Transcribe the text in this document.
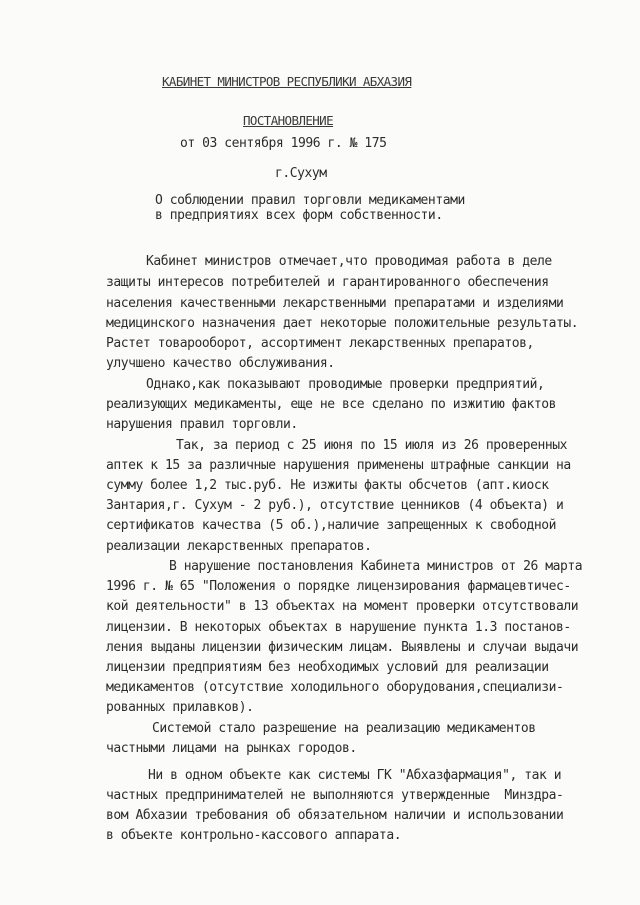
КАБИНЕТ МИНИСТРОВ РЕСПУБЛИКИ АБХАЗИЯ
ПОСТАНОВЛЕНИЕ
от 03 сентября 1996 г. № 175
г.Сухум
О соблюдении правил торговли медикаментами
в предприятиях всех форм собственности.
Кабинет министров отмечает,что проводимая работа в деле
защиты интересов потребителей и гарантированного обеспечения
населения качественными лекарственными препаратами и изделиями
медицинского назначения дает некоторые положительные результаты.
Растет товарооборот, ассортимент лекарственных препаратов,
улучшено качество обслуживания.
Однако,как показывают проводимые проверки предприятий,
реализующих медикаменты, еще не все сделано по изжитию фактов
нарушения правил торговли.
Так, за период с 25 июня по 15 июля из 26 проверенных
аптек к 15 за различные нарушения применены штрафные санкции на
сумму более 1,2 тыс.руб. Не изжиты факты обсчетов (апт.киоск
Зантария,г. Сухум - 2 руб.), отсутствие ценников (4 объекта) и
сертификатов качества (5 об.),наличие запрещенных к свободной
реализации лекарственных препаратов.
В нарушение постановления Кабинета министров от 26 марта
1996 г. № 65 "Положения о порядке лицензирования фармацевтичес-
кой деятельности" в 13 объектах на момент проверки отсутствовали
лицензии. В некоторых объектах в нарушение пункта 1.3 постанов-
ления выданы лицензии физическим лицам. Выявлены и случаи выдачи
лицензии предприятиям без необходимых условий для реализации
медикаментов (отсутствие холодильного оборудования,специализи-
рованных прилавков).
Системой стало разрешение на реализацию медикаментов
частными лицами на рынках городов.
Ни в одном объекте как системы ГК "Абхазфармация", так и
частных предпринимателей не выполняются утвержденные  Минздра-
вом Абхазии требования об обязательном наличии и использовании
в объекте контрольно-кассового аппарата.
